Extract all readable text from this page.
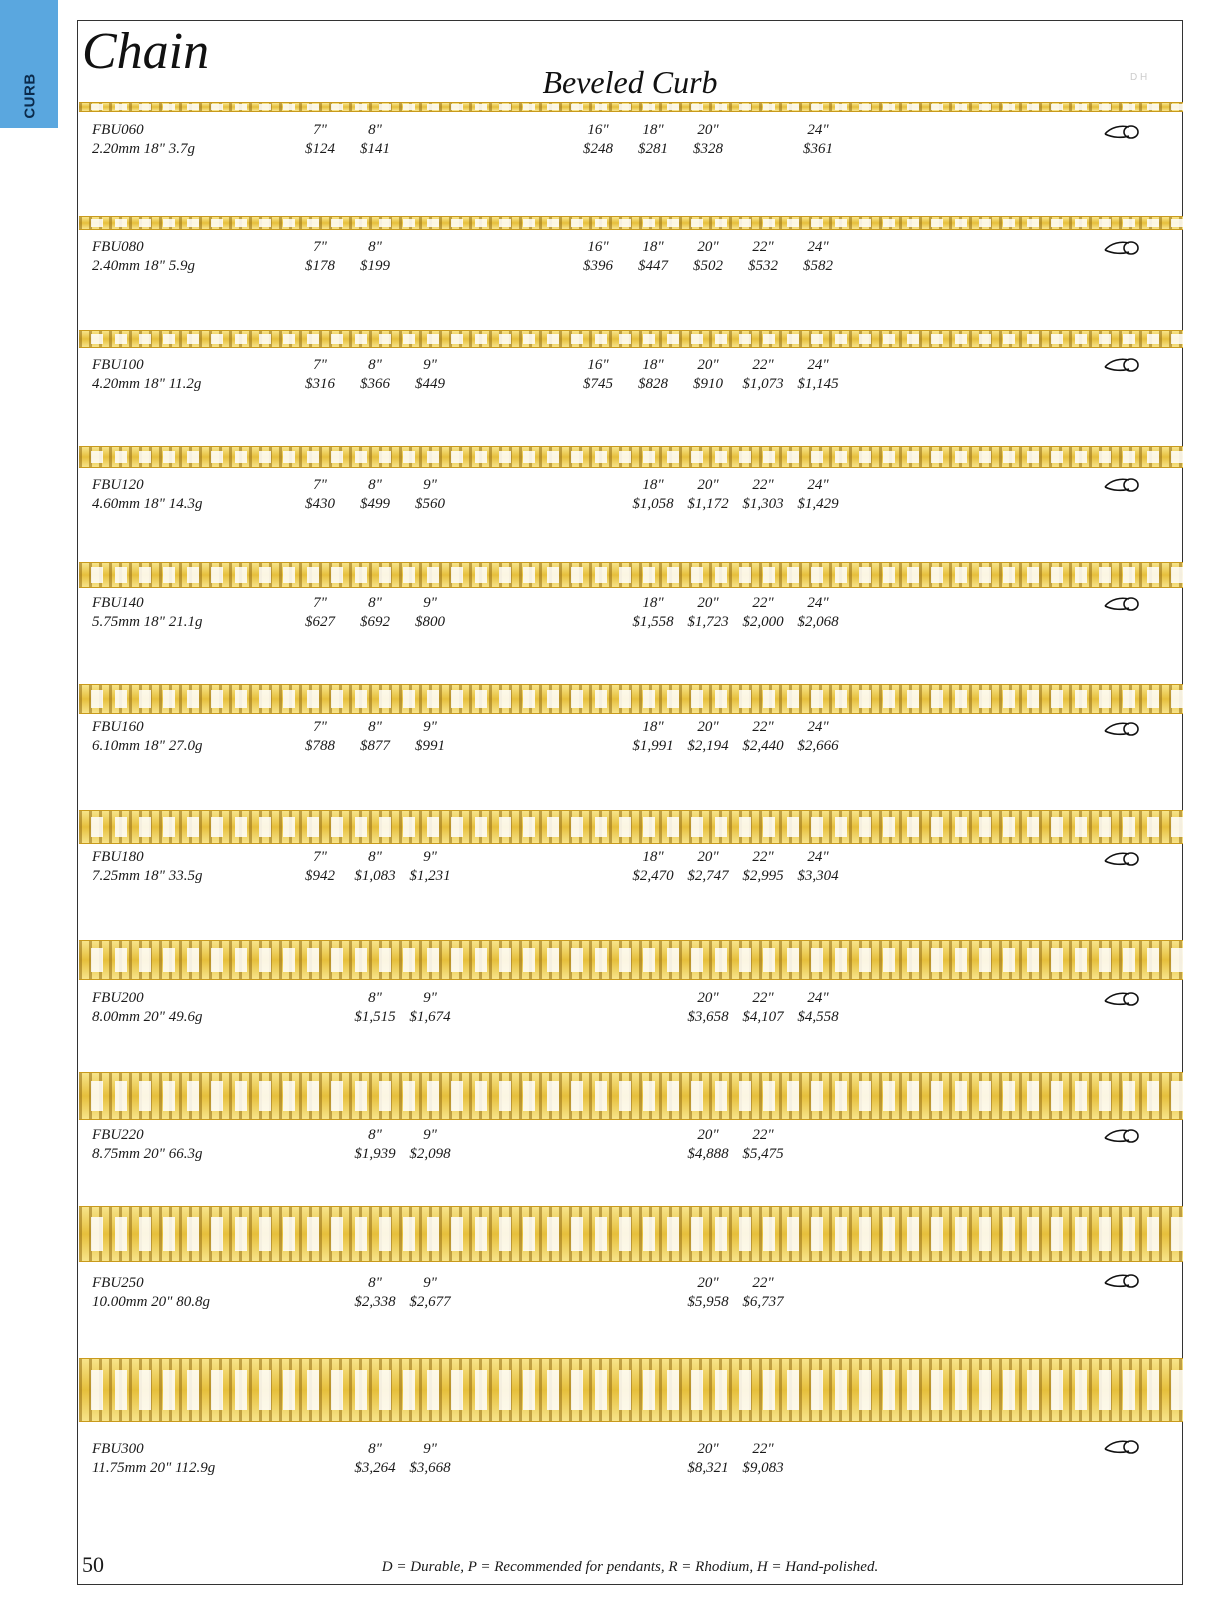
CURB
Chain
Beveled Curb	D H
FBU060
2.20mm 18" 3.7g
7"
$124
8"
$141
16"
$248
18"
$281
20"
$328
24"
$361
FBU080
2.40mm 18" 5.9g
7"
$178
8"
$199
16"
$396
18"
$447
20"
$502
22"
$532
24"
$582
FBU100
4.20mm 18" 11.2g
7"
$316
8"
$366
9"
$449
16"
$745
18"
$828
20"
$910
22"
$1,073
24"
$1,145
FBU120
4.60mm 18" 14.3g
7"
$430
8"
$499
9"
$560
18"
$1,058
20"
$1,172
22"
$1,303
24"
$1,429
FBU140
5.75mm 18" 21.1g
7"
$627
8"
$692
9"
$800
18"
$1,558
20"
$1,723
22"
$2,000
24"
$2,068
FBU160
6.10mm 18" 27.0g
7"
$788
8"
$877
9"
$991
18"
$1,991
20"
$2,194
22"
$2,440
24"
$2,666
FBU180
7.25mm 18" 33.5g
7"
$942
8"
$1,083
9"
$1,231
18"
$2,470
20"
$2,747
22"
$2,995
24"
$3,304
FBU200
8.00mm 20" 49.6g
8"
$1,515
9"
$1,674
20"
$3,658
22"
$4,107
24"
$4,558
FBU220
8.75mm 20" 66.3g
8"
$1,939
9"
$2,098
20"
$4,888
22"
$5,475
FBU250
10.00mm 20" 80.8g
8"
$2,338
9"
$2,677
20"
$5,958
22"
$6,737
FBU300
11.75mm 20" 112.9g
8"
$3,264
9"
$3,668
20"
$8,321
22"
$9,083
50	D = Durable, P = Recommended for pendants, R = Rhodium, H = Hand-polished.
